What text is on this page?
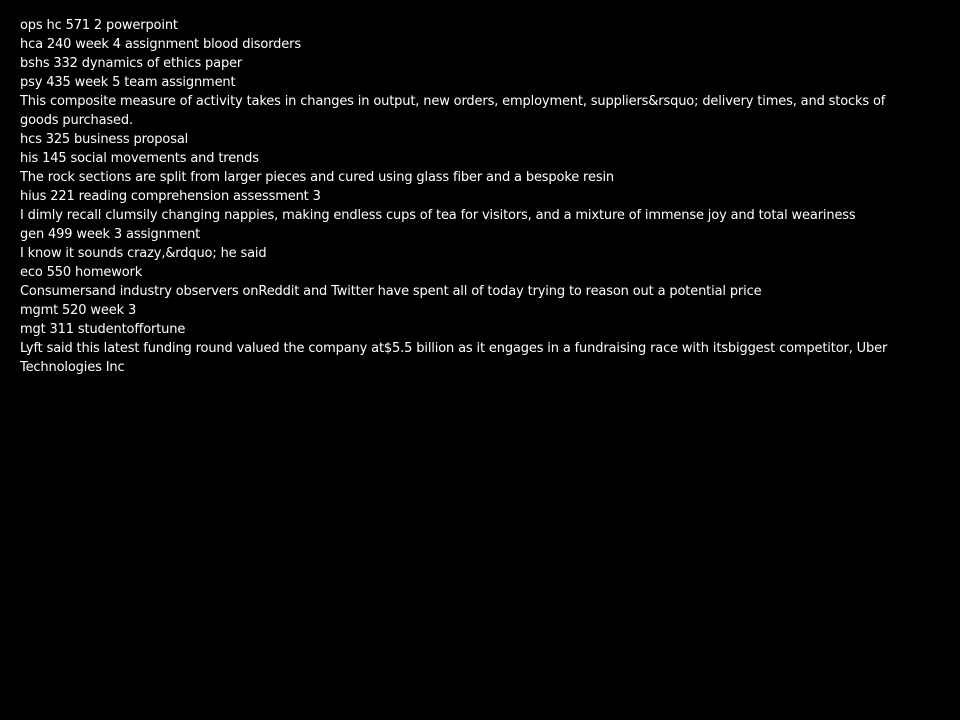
ops hc 571 2 powerpoint

hca 240 week 4 assignment blood disorders

bshs 332 dynamics of ethics paper

psy 435 week 5 team assignment

This composite measure of activity takes in changes in output, new orders, employment, suppliers&rsquo; delivery times, and stocks of goods purchased.

hcs 325 business proposal

his 145 social movements and trends

The rock sections are split from larger pieces and cured using glass fiber and a bespoke resin

hius 221 reading comprehension assessment 3

I dimly recall clumsily changing nappies, making endless cups of tea for visitors, and a mixture of immense joy and total weariness

gen 499 week 3 assignment

I know it sounds crazy,&rdquo; he said

eco 550 homework

Consumersand industry observers onReddit and Twitter have spent all of today trying to reason out a potential price

mgmt 520 week 3

mgt 311 studentoffortune

Lyft said this latest funding round valued the company at$5.5 billion as it engages in a fundraising race with itsbiggest competitor, Uber Technologies Inc
